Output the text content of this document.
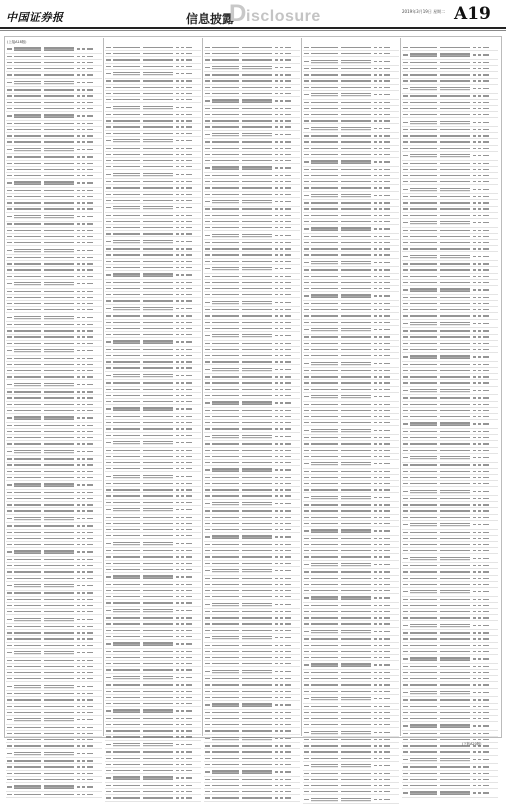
中国证券报	信息披露
D isclosure	2019年3月19日 星期二 A19
(上接A18版)
(下转A20版)
